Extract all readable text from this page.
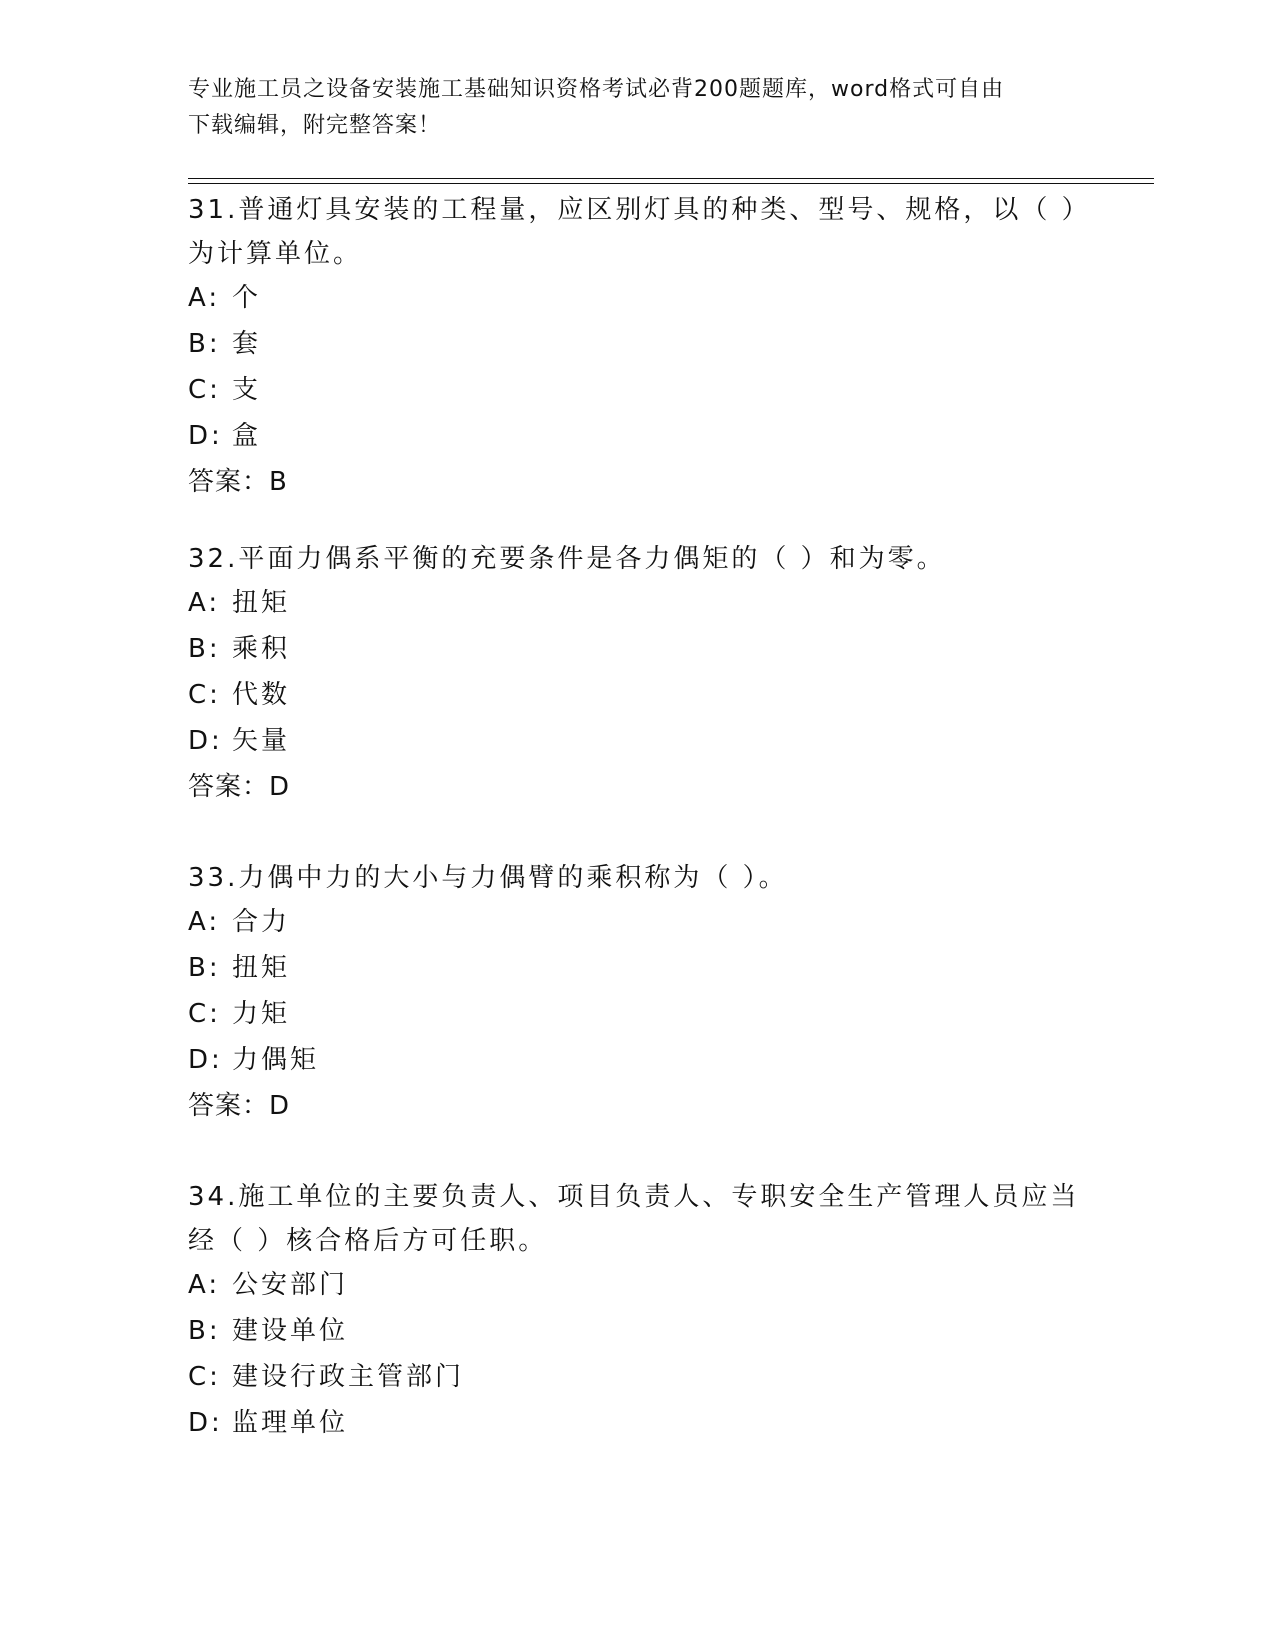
专业施工员之设备安装施工基础知识资格考试必背200题题库，word格式可自由
下载编辑，附完整答案！
31.普通灯具安装的工程量，应区别灯具的种类、型号、规格，以（ ）为计算单位。
A: 个
B: 套
C: 支
D: 盒
答案：B
32.平面力偶系平衡的充要条件是各力偶矩的（ ）和为零。
A: 扭矩
B: 乘积
C: 代数
D: 矢量
答案：D
33.力偶中力的大小与力偶臂的乘积称为（ ）。
A: 合力
B: 扭矩
C: 力矩
D: 力偶矩
答案：D
34.施工单位的主要负责人、项目负责人、专职安全生产管理人员应当经（ ）核合格后方可任职。
A: 公安部门
B: 建设单位
C: 建设行政主管部门
D: 监理单位
